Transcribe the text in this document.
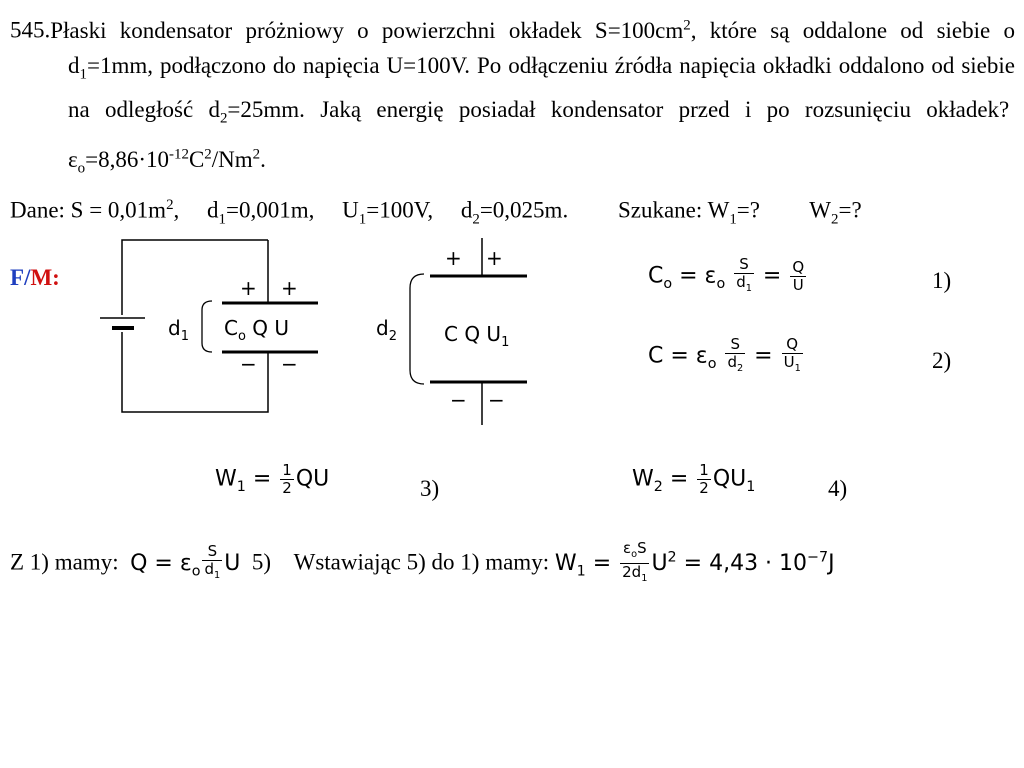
545.Płaski kondensator próżniowy o powierzchni okładek $S=100cm^2$, które są oddalone od siebie o $d_1=1mm$, podłączono do napięcia U=100V. Po odłączeniu źródła napięcia okładki oddalono od siebie na odległość $d_2=25mm$. Jaką energię posiadał kondensator przed i po rozsunięciu okładek?  $\varepsilon_o=8,86\cdot 10^{-12}C^2/Nm^2$.
Dane: $S = 0,01m^2$, $d_1=0,001m$, $U_1=100V$, $d_2=0,025m$. Szukane: $W_1=$? $W_2=$?
F/M:	+ +
− −
$d_1$ $C_o$ Q U
+ +
− −
$d_2$ C Q $U_1$
$C_o = \varepsilon_o \frac{S}{d_1} = \frac{Q}{U}$	1)
$C = \varepsilon_o \frac{S}{d_2} = \frac{Q}{U_1}$	2)
$W_1 = \frac{1}{2}$ QU	3)	$W_2 = \frac{1}{2} QU_1$	4)
Z 1) mamy: $Q = \varepsilon_o \frac{S}{d_1}$ U 5) Wstawiając 5) do 1) mamy: $W_1 = \frac{\varepsilon_oS}{2d_1} U^2 = 4,43 \cdot 10^{-7}J$
